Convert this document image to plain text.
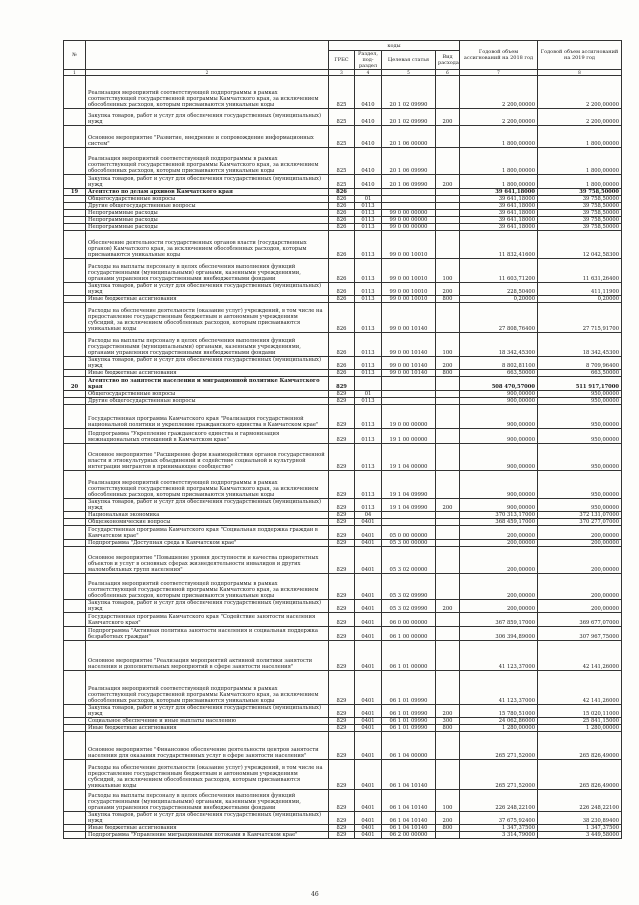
№		коды				Годовой объем ассигнований на 2018 год	Годовой объем ассигнований на 2019 год
		ГРБС	Раздел, под-раздел	Целевая статья	Вид расхода		
1	2	3	4	5	6	7	8
	Реализация мероприятий соответствующей подпрограммы в рамках соответствующей государственной программы Камчатского края, за исключением обособленных расходов, которым присваиваются уникальные коды	825	0410	20 1 02 09990		2 200,00000	2 200,00000
	Закупка товаров, работ и услуг для обеспечения государственных (муниципальных) нужд	825	0410	20 1 02 09990	200	2 200,00000	2 200,00000
	Основное мероприятие "Развитие, внедрение и сопровождение информационных систем"	825	0410	20 1 06 00000		1 800,00000	1 800,00000
	Реализация мероприятий соответствующей подпрограммы в рамках соответствующей государственной программы Камчатского края, за исключением обособленных расходов, которым присваиваются уникальные коды	825	0410	20 1 06 09990		1 800,00000	1 800,00000
	Закупка товаров, работ и услуг для обеспечения государственных (муниципальных) нужд	825	0410	20 1 06 09990	200	1 800,00000	1 800,00000
19	Агентство по делам архивов Камчатского края	826				39 641,18000	39 758,50000
	Общегосударственные вопросы	826	01			39 641,18000	39 758,50000
	Другие общегосударственные вопросы	826	0113			39 641,18000	39 758,50000
	Непрограммные расходы	826	0113	99 0 00 00000		39 641,18000	39 758,50000
	Непрограммные расходы	826	0113	99 0 00 00000		39 641,18000	39 758,50000
	Непрограммные расходы	826	0113	99 0 00 00000		39 641,18000	39 758,50000
	Обеспечение деятельности государственных органов власти (государственных органов) Камчатского края, за исключением обособленных расходов, которым присваиваются уникальные коды	826	0113	99 0 00 10010		11 832,41600	12 042,58300
	Расходы на выплаты персоналу в целях обеспечения выполнения функций государственными (муниципальными) органами, казенными учреждениями, органами управления государственными внебюджетными фондами	826	0113	99 0 00 10010	100	11 603,71200	11 631,26400
	Закупка товаров, работ и услуг для обеспечения государственных (муниципальных) нужд	826	0113	99 0 00 10010	200	228,50400	411,11900
	Иные бюджетные ассигнования	826	0113	99 0 00 10010	800	0,20000	0,20000
	Расходы на обеспечение деятельности (оказание услуг) учреждений, в том числе на предоставление государственным бюджетным и автономным учреждениям субсидий, за исключением обособленных расходов, которым присваиваются уникальные коды	826	0113	99 0 00 10140		27 808,76400	27 715,91700
	Расходы на выплаты персоналу в целях обеспечения выполнения функций государственными (муниципальными) органами, казенными учреждениями, органами управления государственными внебюджетными фондами	826	0113	99 0 00 10140	100	18 342,45300	18 342,45300
	Закупка товаров, работ и услуг для обеспечения государственных (муниципальных) нужд	826	0113	99 0 00 10140	200	8 802,81100	8 709,96400
	Иные бюджетные ассигнования	826	0113	99 0 00 10140	800	663,50000	663,50000
20	Агентство по занятости населения и миграционной политике Камчатского края	829				508 470,57000	511 917,17000
	Общегосударственные вопросы	829	01			900,00000	950,00000
	Другие общегосударственные вопросы	829	0113			900,00000	950,00000
	Государственная программа Камчатского края "Реализация государственной национальной политики и укрепление гражданского единства в Камчатском крае"	829	0113	19 0 00 00000		900,00000	950,00000
	Подпрограмма "Укрепление гражданского единства и гармонизация межнациональных отношений в Камчатском крае"	829	0113	19 1 00 00000		900,00000	950,00000
	Основное мероприятие "Расширение форм взаимодействия органов государственной власти и этнокультурных объединений и содействие социальной и культурной интеграции мигрантов в принимающее сообщество"	829	0113	19 1 04 00000		900,00000	950,00000
	Реализация мероприятий соответствующей подпрограммы в рамках соответствующей государственной программы Камчатского края, за исключением обособленных расходов, которым присваиваются уникальные коды	829	0113	19 1 04 09990		900,00000	950,00000
	Закупка товаров, работ и услуг для обеспечения государственных (муниципальных) нужд	829	0113	19 1 04 09990	200	900,00000	950,00000
	Национальная экономика	829	04			370 313,17000	372 131,07000
	Общеэкономические вопросы	829	0401			368 459,17000	370 277,07000
	Государственная программа Камчатского края "Социальная поддержка граждан в Камчатском крае"	829	0401	05 0 00 00000		200,00000	200,00000
	Подпрограмма "Доступная среда в Камчатском крае"	829	0401	05 3 00 00000		200,00000	200,00000
	Основное мероприятие "Повышение уровня доступности и качества приоритетных объектов и услуг в основных сферах жизнедеятельности инвалидов и других маломобильных групп населения"	829	0401	05 3 02 00000		200,00000	200,00000
	Реализация мероприятий соответствующей подпрограммы в рамках соответствующей государственной программы Камчатского края, за исключением обособленных расходов, которым присваиваются уникальные коды	829	0401	05 3 02 09990		200,00000	200,00000
	Закупка товаров, работ и услуг для обеспечения государственных (муниципальных) нужд	829	0401	05 3 02 09990	200	200,00000	200,00000
	Государственная программа Камчатского края "Содействие занятости населения Камчатского края"	829	0401	06 0 00 00000		367 859,17000	369 677,07000
	Подпрограмма "Активная политика занятости населения и социальная поддержка безработных граждан"	829	0401	06 1 00 00000		306 394,89000	307 967,75000
	Основное мероприятие "Реализация мероприятий активной политики занятости населения и дополнительных мероприятий в сфере занятости населения"	829	0401	06 1 01 00000		41 123,37000	42 141,26000
	Реализация мероприятий соответствующей подпрограммы в рамках соответствующей государственной программы Камчатского края, за исключением обособленных расходов, которым присваиваются уникальные коды	829	0401	06 1 01 09990		41 123,37000	42 141,26000
	Закупка товаров, работ и услуг для обеспечения государственных (муниципальных) нужд	829	0401	06 1 01 09990	200	15 780,51000	15 020,11000
	Социальное обеспечение и иные выплаты населению	829	0401	06 1 01 09990	300	24 062,86000	25 841,15000
	Иные бюджетные ассигнования	829	0401	06 1 01 09990	800	1 280,00000	1 280,00000
	Основное мероприятие "Финансовое обеспечение деятельности центров занятости населения для оказания государственных услуг в сфере занятости населения"	829	0401	06 1 04 00000		265 271,52000	265 826,49000
	Расходы на обеспечение деятельности (оказание услуг) учреждений, в том числе на предоставление государственным бюджетным и автономным учреждениям субсидий, за исключением обособленных расходов, которым присваиваются уникальные коды	829	0401	06 1 04 10140		265 271,52000	265 826,49000
	Расходы на выплаты персоналу в целях обеспечения выполнения функций государственными (муниципальными) органами, казенными учреждениями, органами управления государственными внебюджетными фондами	829	0401	06 1 04 10140	100	226 248,22100	226 248,22100
	Закупка товаров, работ и услуг для обеспечения государственных (муниципальных) нужд	829	0401	06 1 04 10140	200	37 675,92400	38 230,89400
	Иные бюджетные ассигнования	829	0401	06 1 04 10140	800	1 347,37500	1 347,37500
	Подпрограмма "Управление миграционными потоками в Камчатском крае"	829	0401	06 2 00 00000		3 314,79000	3 449,58000
46
